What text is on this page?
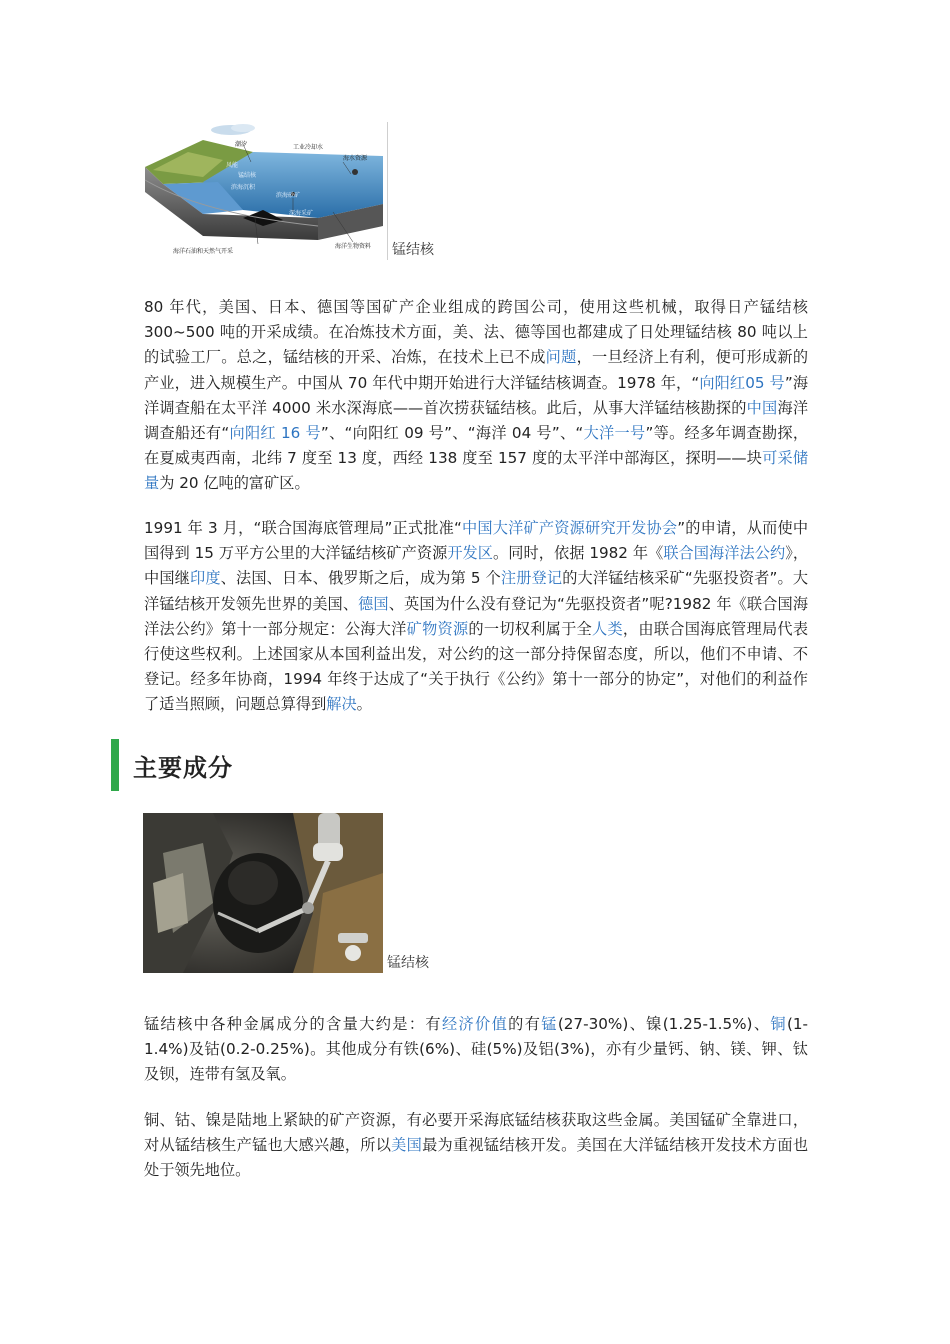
工业冷却水
海水资源
滨海砂矿
海洋石油和天然气开采
海洋生物资料
深海采矿
滨海沉积
锰结核
潮汐
风能
锰结核

80 年代，美国、日本、德国等国矿产企业组成的跨国公司，使用这些机械，取得日产锰结核300~500 吨的开采成绩。在冶炼技术方面，美、法、德等国也都建成了日处理锰结核 80 吨以上的试验工厂。总之，锰结核的开采、冶炼，在技术上已不成问题，一旦经济上有利，便可形成新的产业，进入规模生产。中国从 70 年代中期开始进行大洋锰结核调查。1978 年，“向阳红05 号”海洋调查船在太平洋 4000 米水深海底——首次捞获锰结核。此后，从事大洋锰结核勘探的中国海洋调查船还有“向阳红 16 号”、“向阳红 09 号”、“海洋 04 号”、“大洋一号”等。经多年调查勘探，在夏威夷西南，北纬 7 度至 13 度，西经 138 度至 157 度的太平洋中部海区，探明——块可采储量为 20 亿吨的富矿区。

1991 年 3 月，“联合国海底管理局”正式批准“中国大洋矿产资源研究开发协会”的申请，从而使中国得到 15 万平方公里的大洋锰结核矿产资源开发区。同时，依据 1982 年《联合国海洋法公约》，中国继印度、法国、日本、俄罗斯之后，成为第 5 个注册登记的大洋锰结核采矿“先驱投资者”。大洋锰结核开发领先世界的美国、德国、英国为什么没有登记为“先驱投资者”呢?1982 年《联合国海洋法公约》第十一部分规定：公海大洋矿物资源的一切权利属于全人类，由联合国海底管理局代表行使这些权利。上述国家从本国利益出发，对公约的这一部分持保留态度，所以，他们不申请、不登记。经多年协商，1994 年终于达成了“关于执行《公约》第十一部分的协定”，对他们的利益作了适当照顾，问题总算得到解决。

主要成分
锰结核

锰结核中各种金属成分的含量大约是：有经济价值的有锰(27-30%)、镍(1.25-1.5%)、铜(1-1.4%)及钴(0.2-0.25%)。其他成分有铁(6%)、硅(5%)及铝(3%)，亦有少量钙、钠、镁、钾、钛及钡，连带有氢及氧。

铜、钴、镍是陆地上紧缺的矿产资源，有必要开采海底锰结核获取这些金属。美国锰矿全靠进口，对从锰结核生产锰也大感兴趣，所以美国最为重视锰结核开发。美国在大洋锰结核开发技术方面也处于领先地位。
